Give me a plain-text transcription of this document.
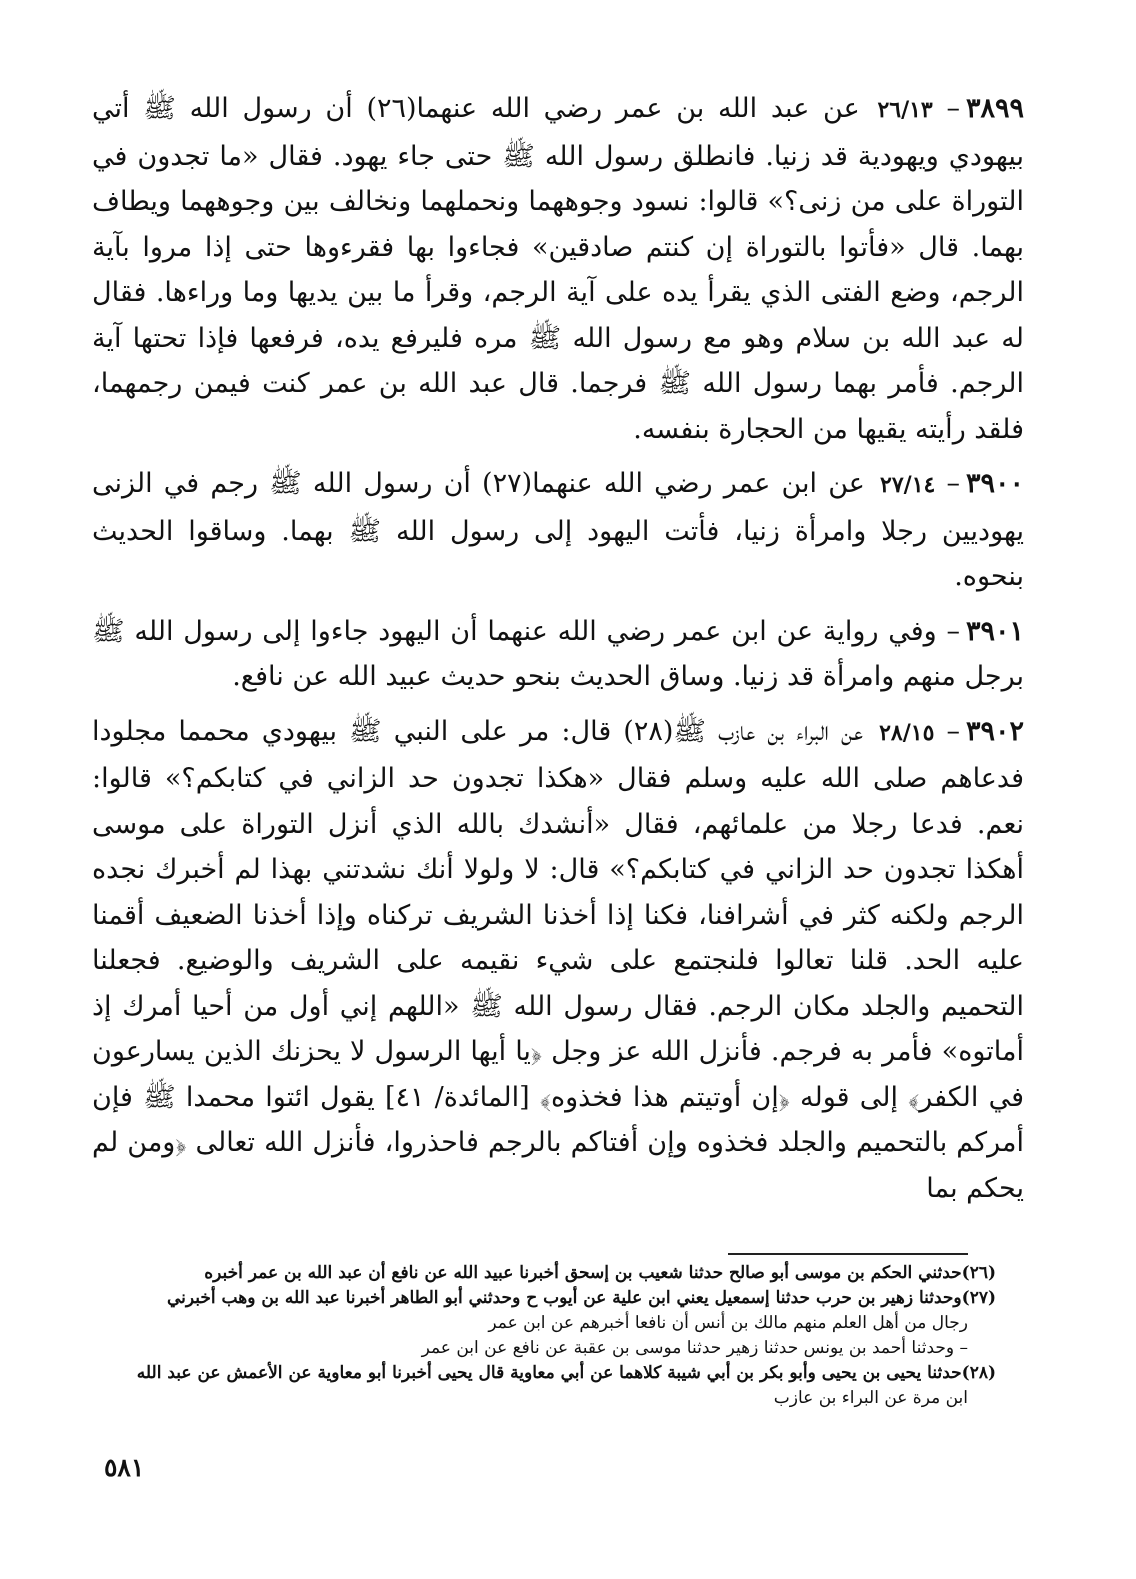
٣٨٩٩– ٢٦/١٣ عن عبد الله بن عمر رضي الله عنهما(٢٦) أن رسول الله ﷺ أتي بيهودي ويهودية قد زنيا. فانطلق رسول الله ﷺ حتى جاء يهود. فقال «ما تجدون في التوراة على من زنى؟» قالوا: نسود وجوههما ونحملهما ونخالف بين وجوههما ويطاف بهما. قال «فأتوا بالتوراة إن كنتم صادقين» فجاءوا بها فقرءوها حتى إذا مروا بآية الرجم، وضع الفتى الذي يقرأ يده على آية الرجم، وقرأ ما بين يديها وما وراءها. فقال له عبد الله بن سلام وهو مع رسول الله ﷺ مره فليرفع يده، فرفعها فإذا تحتها آية الرجم. فأمر بهما رسول الله ﷺ فرجما. قال عبد الله بن عمر كنت فيمن رجمهما، فلقد رأيته يقيها من الحجارة بنفسه.

٣٩٠٠– ٢٧/١٤ عن ابن عمر رضي الله عنهما(٢٧) أن رسول الله ﷺ رجم في الزنى يهوديين رجلا وامرأة زنيا، فأتت اليهود إلى رسول الله ﷺ بهما. وساقوا الحديث بنحوه.

٣٩٠١– وفي رواية عن ابن عمر رضي الله عنهما أن اليهود جاءوا إلى رسول الله ﷺ برجل منهم وامرأة قد زنيا. وساق الحديث بنحو حديث عبيد الله عن نافع.

٣٩٠٢– ٢٨/١٥ عن البراء بن عازب ﷺ(٢٨) قال: مر على النبي ﷺ بيهودي محمما مجلودا فدعاهم صلى الله عليه وسلم فقال «هكذا تجدون حد الزاني في كتابكم؟» قالوا: نعم. فدعا رجلا من علمائهم، فقال «أنشدك بالله الذي أنزل التوراة على موسى أهكذا تجدون حد الزاني في كتابكم؟» قال: لا ولولا أنك نشدتني بهذا لم أخبرك نجده الرجم ولكنه كثر في أشرافنا، فكنا إذا أخذنا الشريف تركناه وإذا أخذنا الضعيف أقمنا عليه الحد. قلنا تعالوا فلنجتمع على شيء نقيمه على الشريف والوضيع. فجعلنا التحميم والجلد مكان الرجم. فقال رسول الله ﷺ «اللهم إني أول من أحيا أمرك إذ أماتوه» فأمر به فرجم. فأنزل الله عز وجل ﴿يا أيها الرسول لا يحزنك الذين يسارعون في الكفر﴾ إلى قوله ﴿إن أوتيتم هذا فخذوه﴾ [المائدة/ ٤١] يقول ائتوا محمدا ﷺ فإن أمركم بالتحميم والجلد فخذوه وإن أفتاكم بالرجم فاحذروا، فأنزل الله تعالى ﴿ومن لم يحكم بما

(٢٦)حدثني الحكم بن موسى أبو صالح حدثنا شعيب بن إسحق أخبرنا عبيد الله عن نافع أن عبد الله بن عمر أخبره

(٢٧)وحدثنا زهير بن حرب حدثنا إسمعيل يعني ابن علية عن أيوب ح وحدثني أبو الطاهر أخبرنا عبد الله بن وهب أخبرني

رجال من أهل العلم منهم مالك بن أنس أن نافعا أخبرهم عن ابن عمر

– وحدثنا أحمد بن يونس حدثنا زهير حدثنا موسى بن عقبة عن نافع عن ابن عمر

(٢٨)حدثنا يحيى بن يحيى وأبو بكر بن أبي شيبة كلاهما عن أبي معاوية قال يحيى أخبرنا أبو معاوية عن الأعمش عن عبد الله

ابن مرة عن البراء بن عازب

٥٨١
